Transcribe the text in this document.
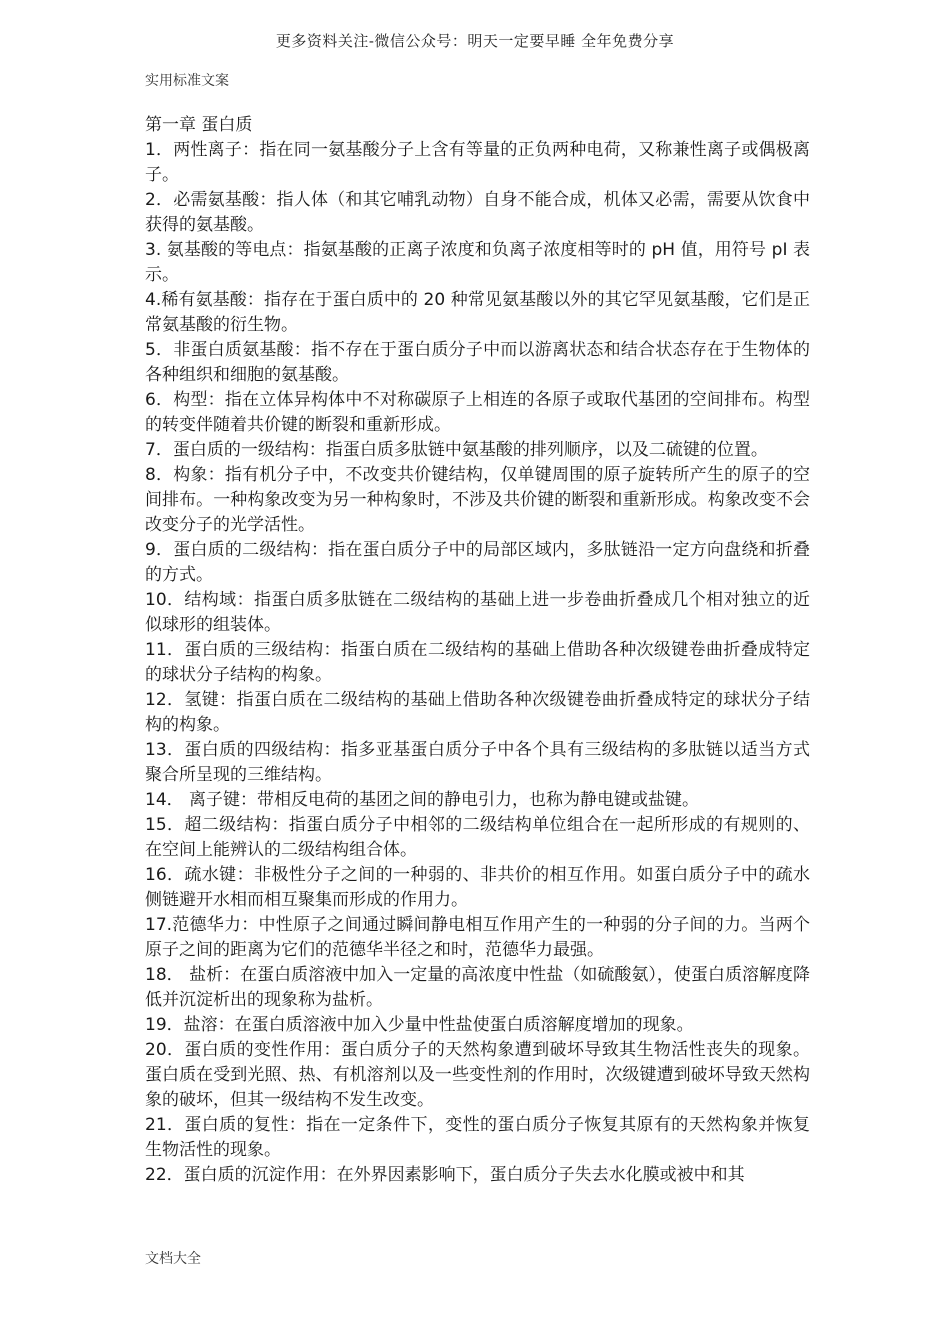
更多资料关注-微信公众号：明天一定要早睡 全年免费分享
实用标准文案

第一章 蛋白质

1．两性离子：指在同一氨基酸分子上含有等量的正负两种电荷，又称兼性离子或偶极离子。

2．必需氨基酸：指人体（和其它哺乳动物）自身不能合成，机体又必需，需要从饮食中获得的氨基酸。

3. 氨基酸的等电点：指氨基酸的正离子浓度和负离子浓度相等时的 pH 值，用符号 pI 表示。

4.稀有氨基酸：指存在于蛋白质中的 20 种常见氨基酸以外的其它罕见氨基酸，它们是正常氨基酸的衍生物。

5．非蛋白质氨基酸：指不存在于蛋白质分子中而以游离状态和结合状态存在于生物体的各种组织和细胞的氨基酸。

6．构型：指在立体异构体中不对称碳原子上相连的各原子或取代基团的空间排布。构型的转变伴随着共价键的断裂和重新形成。

7．蛋白质的一级结构：指蛋白质多肽链中氨基酸的排列顺序，以及二硫键的位置。

8．构象：指有机分子中，不改变共价键结构，仅单键周围的原子旋转所产生的原子的空间排布。一种构象改变为另一种构象时，不涉及共价键的断裂和重新形成。构象改变不会改变分子的光学活性。

9．蛋白质的二级结构：指在蛋白质分子中的局部区域内，多肽链沿一定方向盘绕和折叠的方式。

10．结构域：指蛋白质多肽链在二级结构的基础上进一步卷曲折叠成几个相对独立的近似球形的组装体。

11．蛋白质的三级结构：指蛋白质在二级结构的基础上借助各种次级键卷曲折叠成特定的球状分子结构的构象。

12．氢键：指蛋白质在二级结构的基础上借助各种次级键卷曲折叠成特定的球状分子结构的构象。

13．蛋白质的四级结构：指多亚基蛋白质分子中各个具有三级结构的多肽链以适当方式聚合所呈现的三维结构。

14． 离子键：带相反电荷的基团之间的静电引力，也称为静电键或盐键。

15．超二级结构：指蛋白质分子中相邻的二级结构单位组合在一起所形成的有规则的、在空间上能辨认的二级结构组合体。

16．疏水键：非极性分子之间的一种弱的、非共价的相互作用。如蛋白质分子中的疏水侧链避开水相而相互聚集而形成的作用力。

17.范德华力：中性原子之间通过瞬间静电相互作用产生的一种弱的分子间的力。当两个原子之间的距离为它们的范德华半径之和时，范德华力最强。

18． 盐析：在蛋白质溶液中加入一定量的高浓度中性盐（如硫酸氨），使蛋白质溶解度降低并沉淀析出的现象称为盐析。

19．盐溶：在蛋白质溶液中加入少量中性盐使蛋白质溶解度增加的现象。

20．蛋白质的变性作用：蛋白质分子的天然构象遭到破坏导致其生物活性丧失的现象。蛋白质在受到光照、热、有机溶剂以及一些变性剂的作用时，次级键遭到破坏导致天然构象的破坏，但其一级结构不发生改变。

21．蛋白质的复性：指在一定条件下，变性的蛋白质分子恢复其原有的天然构象并恢复生物活性的现象。

22．蛋白质的沉淀作用：在外界因素影响下，蛋白质分子失去水化膜或被中和其

文档大全
